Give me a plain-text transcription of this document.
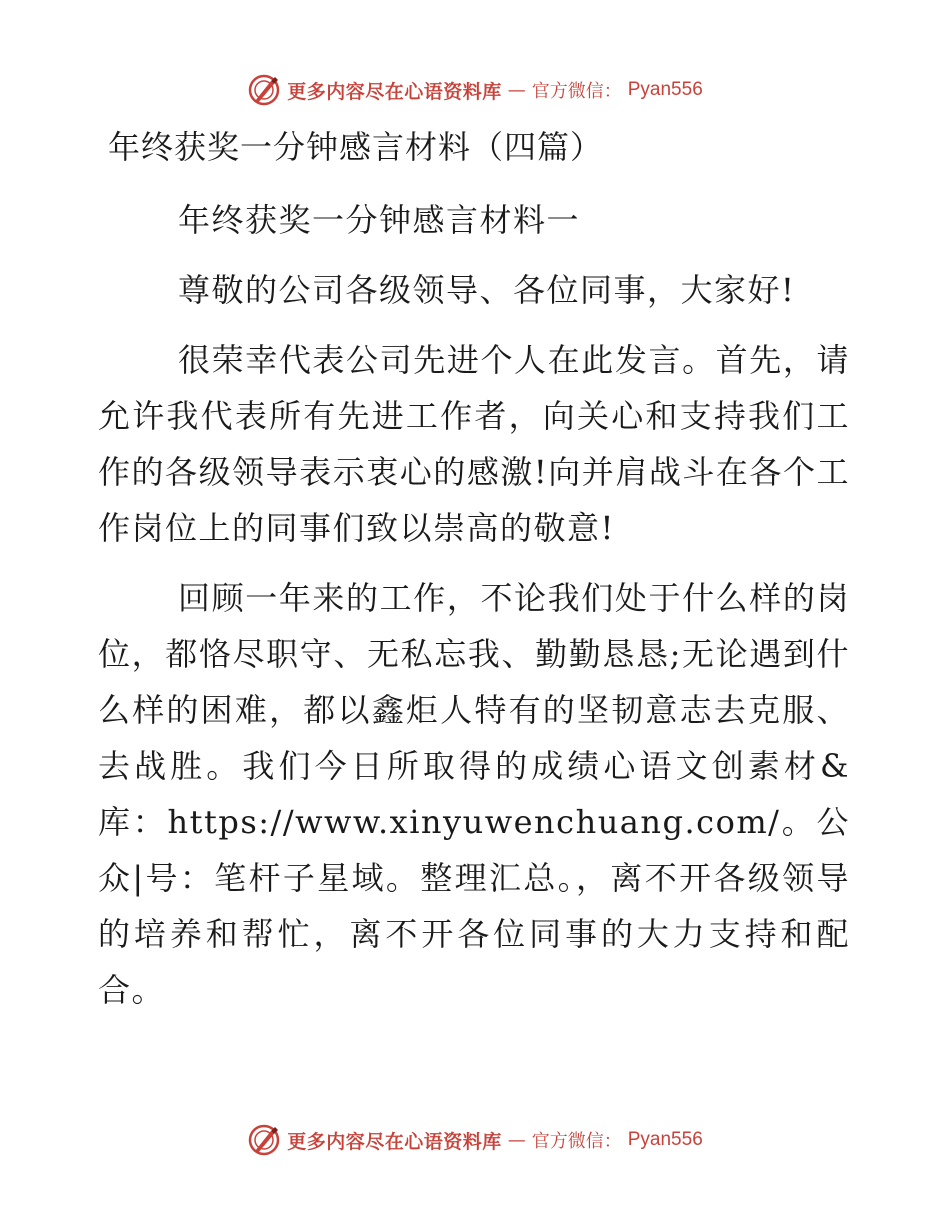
更多内容尽在心语资料库 — 官方微信： Pyan556
年终获奖一分钟感言材料（四篇）

年终获奖一分钟感言材料一

尊敬的公司各级领导、各位同事，大家好!

很荣幸代表公司先进个人在此发言。首先，请允许我代表所有先进工作者，向关心和支持我们工作的各级领导表示衷心的感激!向并肩战斗在各个工作岗位上的同事们致以崇高的敬意!

回顾一年来的工作，不论我们处于什么样的岗位，都恪尽职守、无私忘我、勤勤恳恳;无论遇到什么样的困难，都以鑫炬人特有的坚韧意志去克服、去战胜。我们今日所取得的成绩心语文创素材&库：https://www.xinyuwenchuang.com/。公众|号：笔杆子星域。整理汇总。，离不开各级领导的培养和帮忙，离不开各位同事的大力支持和配合。

更多内容尽在心语资料库 — 官方微信： Pyan556
